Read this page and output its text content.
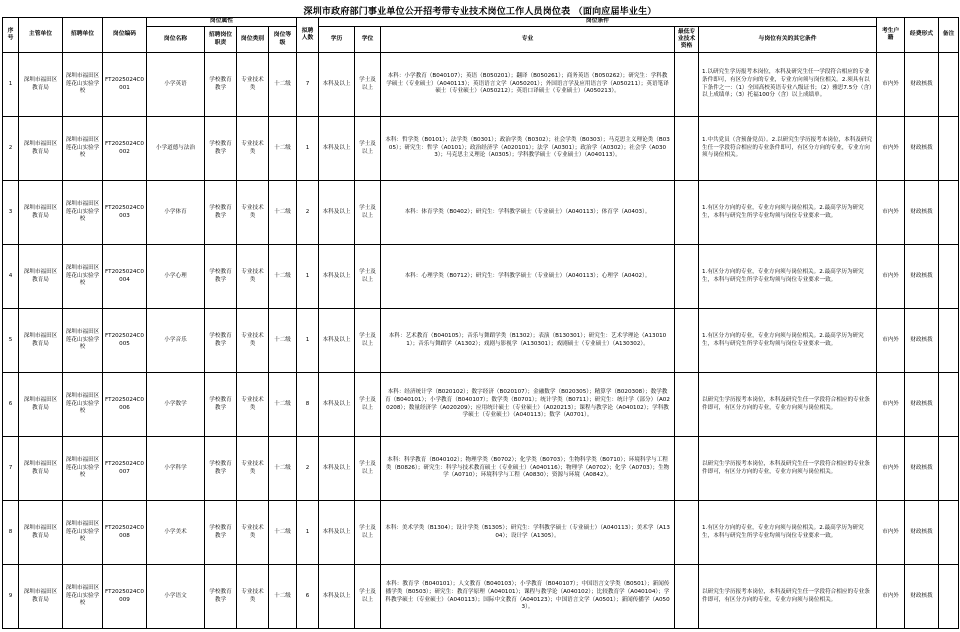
深圳市政府部门事业单位公开招考带专业技术岗位工作人员岗位表 （面向应届毕业生）
序号	主管单位	招聘单位	岗位编码	岗位属性				拟聘人数	岗位条件					考生户籍	经费形式	备注
				岗位名称	招聘岗位职责	岗位类别	岗位等级		学历	学位	专业	最低专业技术资格	与岗位有关的其它条件			
1	深圳市福田区教育局	深圳市福田区莲花山实验学校	FT2025024C0001	小学英语	学校教育教学	专业技术类	十二级	7	本科及以上	学士及以上	本科：小学教育（B040107）；英语（B050201）；翻译（B050261）；商务英语（B050262）；研究生：学科教学硕士（专业硕士）（A040113）；英语语言文学（A050201）；外国语言学及应用语言学（A050211）；英语笔译硕士（专业硕士）（A050212）；英语口译硕士（专业硕士）（A050213）。		1.以研究生学历报考本岗位，本科及研究生任一学段符合相应的专业条件即可，有区分方向的专业，专业方向须与岗位相关。2.须具有以下条件之一：（1）全国高校英语专业八级证书；（2）雅思7.5分（含）以上成绩单；（3）托福100分（含）以上成绩单。	市内外	财政核拨	
2	深圳市福田区教育局	深圳市福田区莲花山实验学校	FT2025024C0002	小学道德与法治	学校教育教学	专业技术类	十二级	1	本科及以上	学士及以上	本科：哲学类（B0101）；法学类（B0301）；政治学类（B0302）；社会学类（B0303）；马克思主义理论类（B0305）；研究生：哲学（A0101）；政治经济学（A020101）；法学（A0301）；政治学（A0302）；社会学（A0303）；马克思主义理论（A0305）；学科教学硕士（专业硕士）（A040113）。		1.中共党员（含预备党员）。2.以研究生学历报考本岗位，本科及研究生任一学段符合相应的专业条件即可，有区分方向的专业，专业方向须与岗位相关。	市内外	财政核拨	
3	深圳市福田区教育局	深圳市福田区莲花山实验学校	FT2025024C0003	小学体育	学校教育教学	专业技术类	十二级	2	本科及以上	学士及以上	本科：体育学类（B0402）；研究生：学科教学硕士（专业硕士）（A040113）；体育学（A0403）。		1.有区分方向的专业，专业方向须与岗位相关。2.最高学历为研究生，本科与研究生所学专业均须与岗位专业要求一致。	市内外	财政核拨	
4	深圳市福田区教育局	深圳市福田区莲花山实验学校	FT2025024C0004	小学心理	学校教育教学	专业技术类	十二级	1	本科及以上	学士及以上	本科：心理学类（B0712）；研究生：学科教学硕士（专业硕士）（A040113）；心理学（A0402）。		1.有区分方向的专业，专业方向须与岗位相关。2.最高学历为研究生，本科与研究生所学专业均须与岗位专业要求一致。	市内外	财政核拨	
5	深圳市福田区教育局	深圳市福田区莲花山实验学校	FT2025024C0005	小学音乐	学校教育教学	专业技术类	十二级	1	本科及以上	学士及以上	本科：艺术教育（B040105）；音乐与舞蹈学类（B1302）；表演（B130301）；研究生：艺术学理论（A130101）；音乐与舞蹈学（A1302）；戏剧与影视学（A130301）；戏剧硕士（专业硕士）（A130302）。		1.有区分方向的专业，专业方向须与岗位相关。2.最高学历为研究生，本科与研究生所学专业均须与岗位专业要求一致。	市内外	财政核拨	
6	深圳市福田区教育局	深圳市福田区莲花山实验学校	FT2025024C0006	小学数学	学校教育教学	专业技术类	十二级	8	本科及以上	学士及以上	本科：经济统计学（B020102）；数字经济（B020107）；金融数学（B020305）；精算学（B020308）；数学教育（B040101）；小学教育（B040107）；数学类（B0701）；统计学类（B0711）；研究生：统计学（部分）（A020208）；数量经济学（A020209）；应用统计硕士（专业硕士）（A020213）；课程与教学论（A040102）；学科教学硕士（专业硕士）（A040113）；数学（A0701）。		以研究生学历报考本岗位，本科及研究生任一学段符合相应的专业条件即可，有区分方向的专业，专业方向须与岗位相关。	市内外	财政核拨	
7	深圳市福田区教育局	深圳市福田区莲花山实验学校	FT2025024C0007	小学科学	学校教育教学	专业技术类	十二级	2	本科及以上	学士及以上	本科：科学教育（B040102）；物理学类（B0702）；化学类（B0703）；生物科学类（B0710）；环境科学与工程类（B0826）；研究生：科学与技术教育硕士（专业硕士）（A040116）；物理学（A0702）；化学（A0703）；生物学（A0710）；环境科学与工程（A0830）；资源与环境（A0842）。		以研究生学历报考本岗位，本科及研究生任一学段符合相应的专业条件即可，有区分方向的专业，专业方向须与岗位相关。	市内外	财政核拨	
8	深圳市福田区教育局	深圳市福田区莲花山实验学校	FT2025024C0008	小学美术	学校教育教学	专业技术类	十二级	1	本科及以上	学士及以上	本科：美术学类（B1304）；设计学类（B1305）；研究生：学科教学硕士（专业硕士）（A040113）；美术学（A1304）；设计学（A1305）。		1.有区分方向的专业，专业方向须与岗位相关。2.最高学历为研究生，本科与研究生所学专业均须与岗位专业要求一致。	市内外	财政核拨	
9	深圳市福田区教育局	深圳市福田区莲花山实验学校	FT2025024C0009	小学语文	学校教育教学	专业技术类	十二级	6	本科及以上	学士及以上	本科：教育学（B040101）；人文教育（B040103）；小学教育（B040107）；中国语言文学类（B0501）；新闻传播学类（B0503）；研究生：教育学原理（A040101）；课程与教学论（A040102）；比较教育学（A040104）；学科教学硕士（专业硕士）（A040113）；国际中文教育（A040123）；中国语言文学（A0501）；新闻传播学（A0503）。		以研究生学历报考本岗位，本科及研究生任一学段符合相应的专业条件即可，有区分方向的专业，专业方向须与岗位相关。	市内外	财政核拨	
